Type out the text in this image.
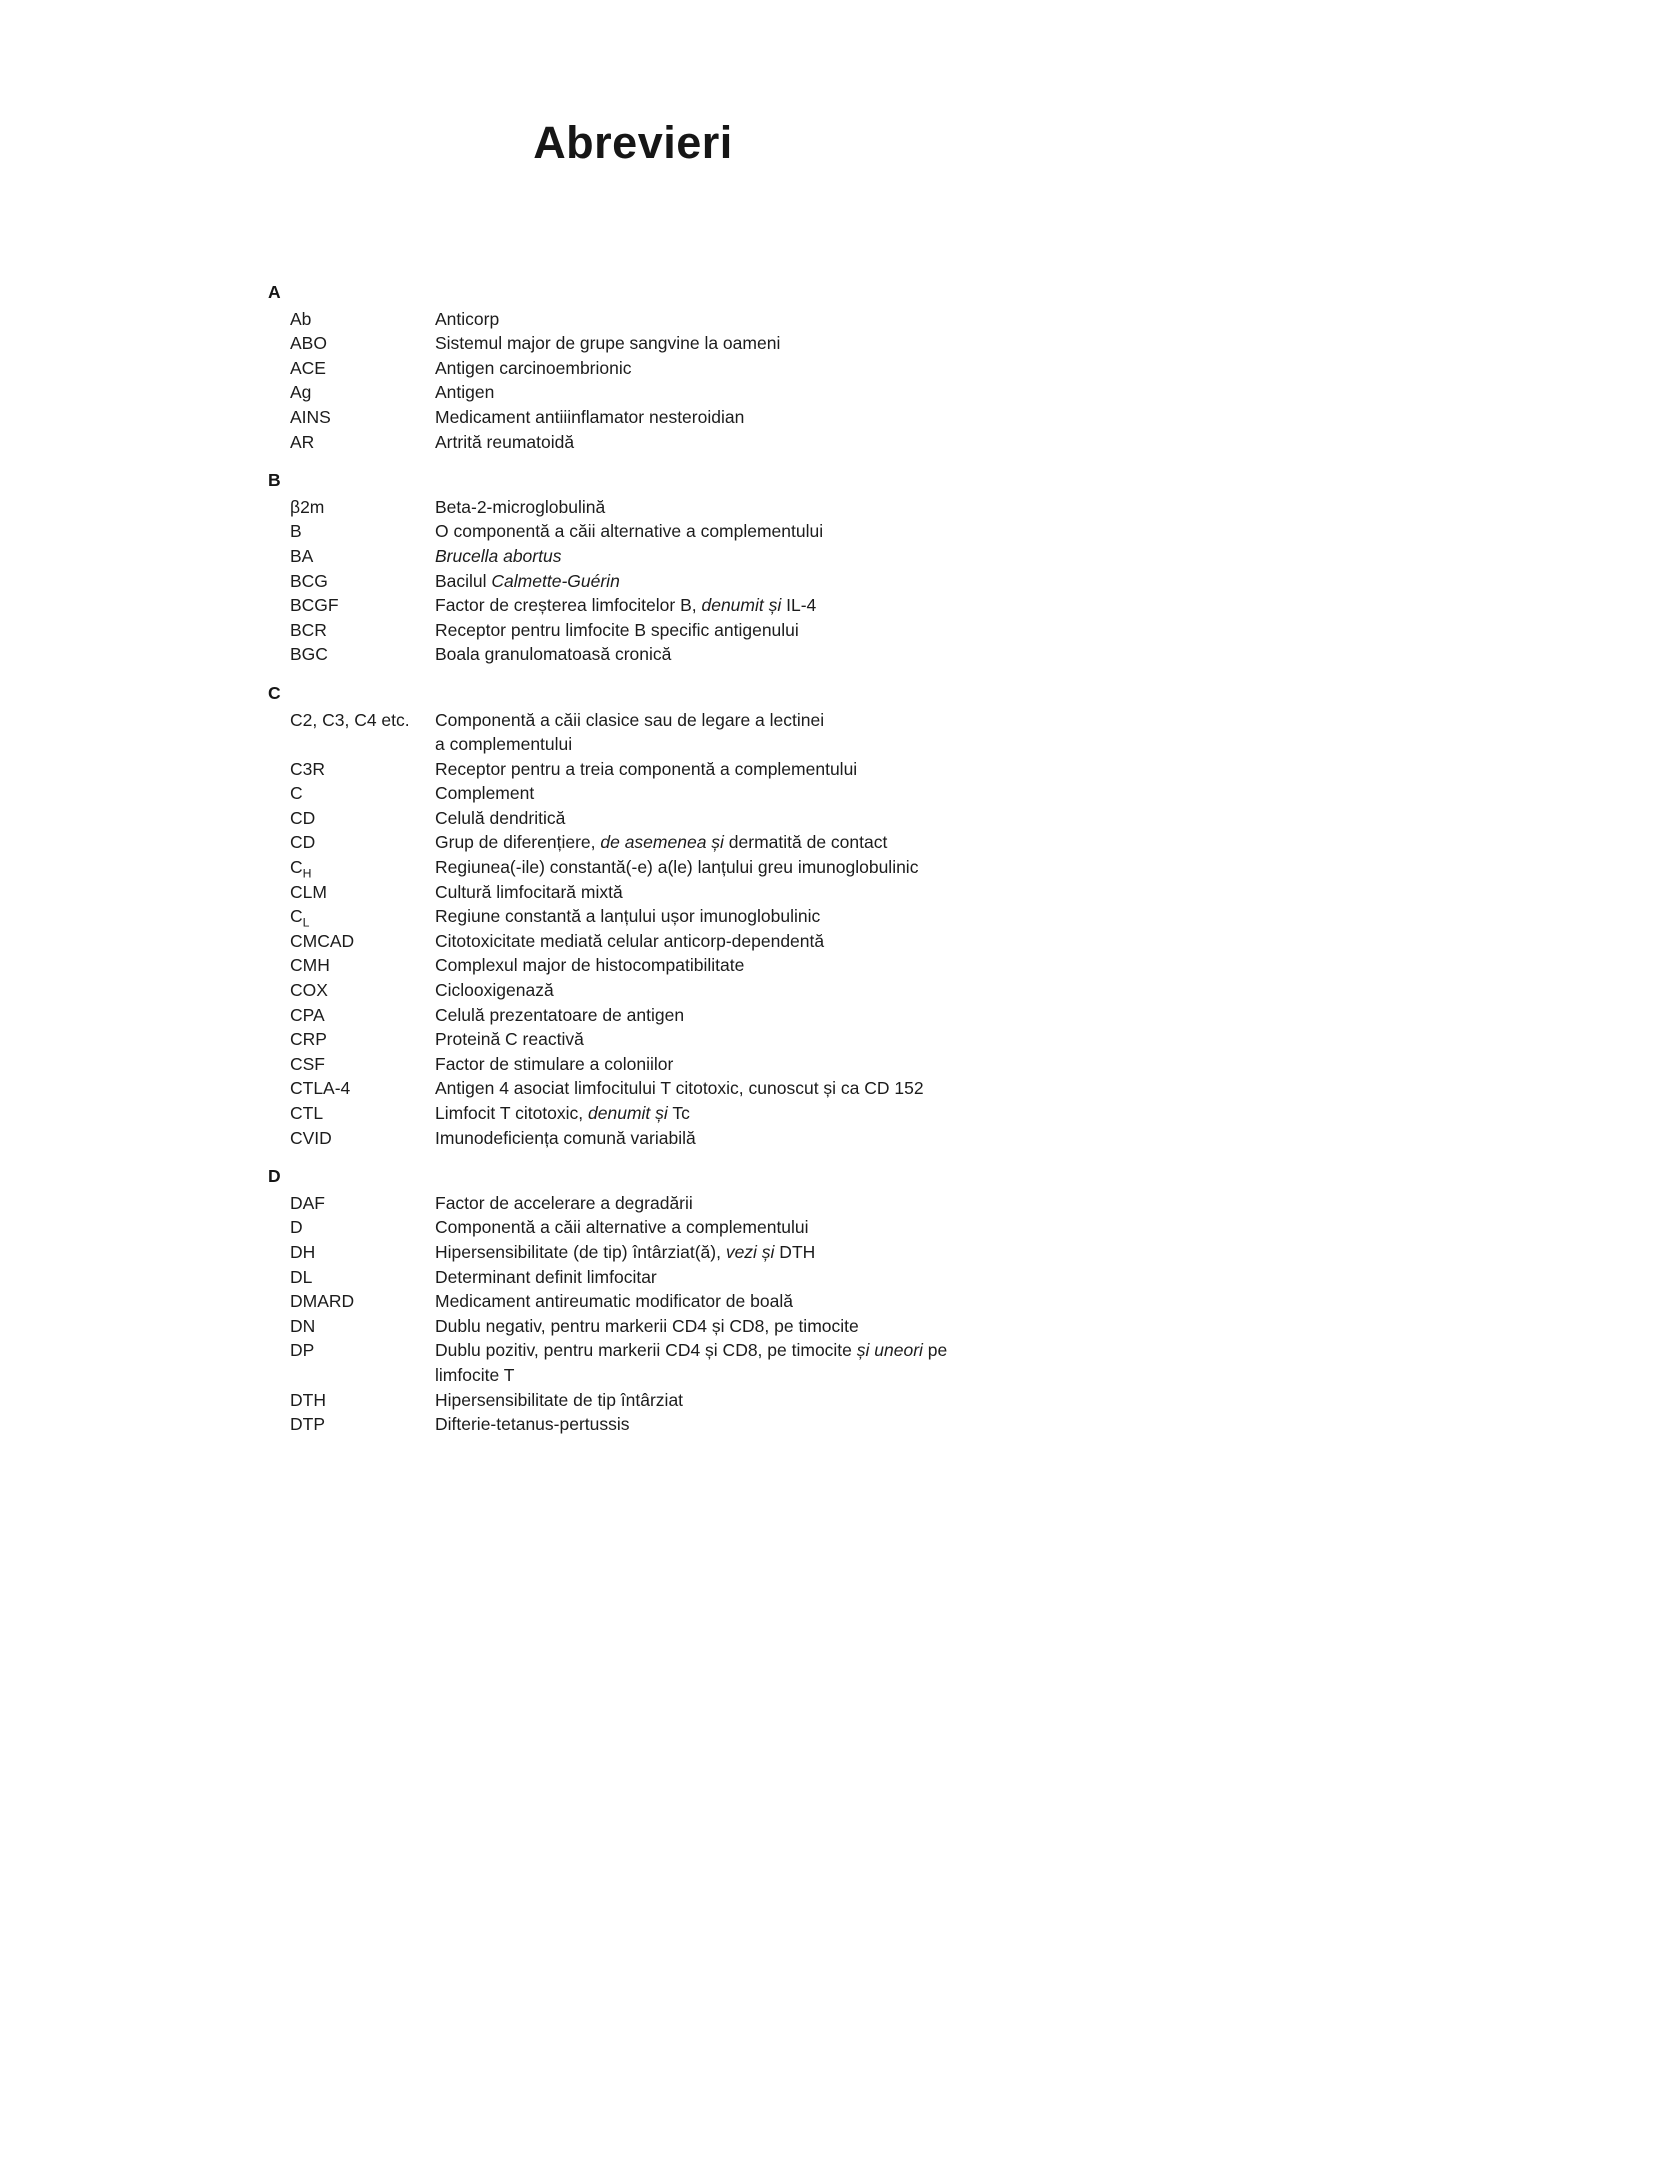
Abrevieri
A
Ab	Anticorp
ABO	Sistemul major de grupe sangvine la oameni
ACE	Antigen carcinoembrionic
Ag	Antigen
AINS	Medicament antiiinflamator nesteroidian
AR	Artrită reumatoidă
B
β2m	Beta-2-microglobulină
B	O componentă a căii alternative a complementului
BA	Brucella abortus
BCG	Bacilul Calmette-Guérin
BCGF	Factor de creșterea limfocitelor B, denumit și IL-4
BCR	Receptor pentru limfocite B specific antigenului
BGC	Boala granulomatoasă cronică
C
C2, C3, C4 etc.	Componentă a căii clasice sau de legare a lectinei
a complementului
C3R	Receptor pentru a treia componentă a complementului
C	Complement
CD	Celulă dendritică
CD	Grup de diferențiere, de asemenea și dermatită de contact
$C_H$	Regiunea(-ile) constantă(-e) a(le) lanțului greu imunoglobulinic
CLM	Cultură limfocitară mixtă
$C_L$	Regiune constantă a lanțului ușor imunoglobulinic
CMCAD	Citotoxicitate mediată celular anticorp-dependentă
CMH	Complexul major de histocompatibilitate
COX	Ciclooxigenază
CPA	Celulă prezentatoare de antigen
CRP	Proteină C reactivă
CSF	Factor de stimulare a coloniilor
CTLA-4	Antigen 4 asociat limfocitului T citotoxic, cunoscut și ca CD 152
CTL	Limfocit T citotoxic, denumit și Tc
CVID	Imunodeficiența comună variabilă
D
DAF	Factor de accelerare a degradării
D	Componentă a căii alternative a complementului
DH	Hipersensibilitate (de tip) întârziat(ă), vezi și DTH
DL	Determinant definit limfocitar
DMARD	Medicament antireumatic modificator de boală
DN	Dublu negativ, pentru markerii CD4 și CD8, pe timocite
DP	Dublu pozitiv, pentru markerii CD4 și CD8, pe timocite și uneori pe
limfocite T
DTH	Hipersensibilitate de tip întârziat
DTP	Difterie-tetanus-pertussis
